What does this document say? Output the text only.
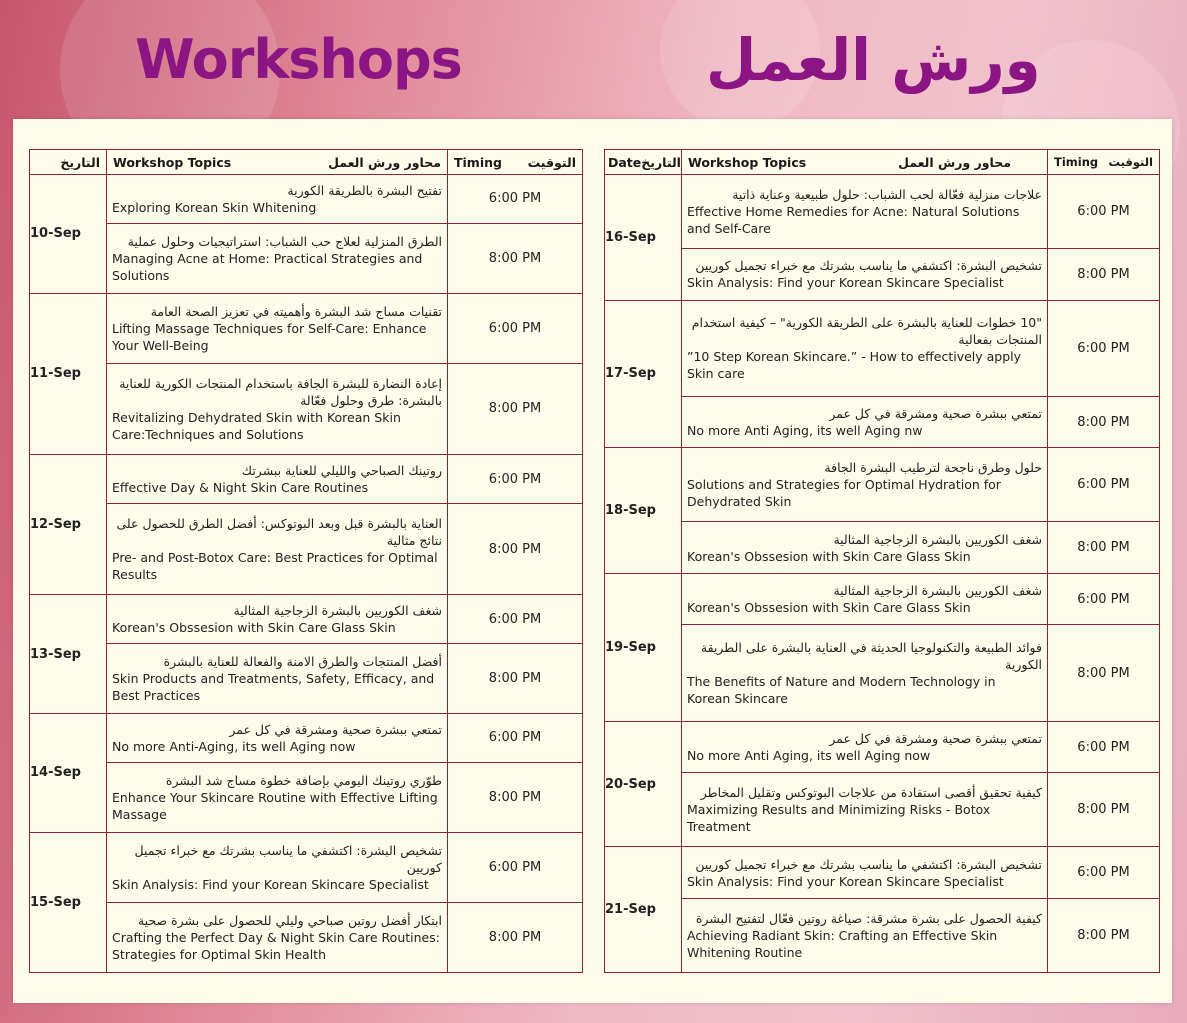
Workshops	ورش العمل
التاريخ	Workshop Topics محاور ورش العمل	Timing التوقيت

10-Sep	تفتيح البشرة بالطريقة الكورية
Exploring Korean Skin Whitening	6:00 PM

	الطرق المنزلية لعلاج حب الشباب: استراتيجيات وحلول عملية
Managing Acne at Home: Practical Strategies and Solutions	8:00 PM
11-Sep	تقنيات مساج شد البشرة وأهميته في تعزيز الصحة العامة
Lifting Massage Techniques for Self-Care: Enhance Your Well-Being	6:00 PM

	إعادة النضارة للبشرة الجافة باستخدام المنتجات الكورية للعناية بالبشرة: طرق وحلول فعّالة
Revitalizing Dehydrated Skin with Korean Skin Care:Techniques and Solutions	8:00 PM
12-Sep	روتينك الصباحي والليلي للعناية ببشرتك
Effective Day & Night Skin Care Routines	6:00 PM

	العناية بالبشرة قبل وبعد البوتوكس: أفضل الطرق للحصول على نتائج مثالية
Pre- and Post-Botox Care: Best Practices for Optimal Results	8:00 PM
13-Sep	شغف الكوريين بالبشرة الزجاجية المثالية
Korean's Obssesion with Skin Care Glass Skin	6:00 PM

	أفضل المنتجات والطرق الامنة والفعالة للعناية بالبشرة
Skin Products and Treatments, Safety, Efficacy, and Best Practices	8:00 PM
14-Sep	تمتعي ببشرة صحية ومشرقة في كل عمر
No more Anti-Aging, its well Aging now	6:00 PM

	طوّري روتينك اليومي بإضافة خطوة مساج شد البشرة
Enhance Your Skincare Routine with Effective Lifting Massage	8:00 PM
15-Sep	تشخيص البشرة: اكتشفي ما يناسب بشرتك مع خبراء تجميل كوريين
Skin Analysis: Find your Korean Skincare Specialist	6:00 PM

	ابتكار أفضل روتين صباحي وليلي للحصول على بشرة صحية
Crafting the Perfect Day & Night Skin Care Routines: Strategies for Optimal Skin Health	8:00 PM
Date التاريخ	Workshop Topics محاور ورش العمل	Timing التوقيت

16-Sep	علاجات منزلية فعّالة لحب الشباب: حلول طبيعية وعناية ذاتية
Effective Home Remedies for Acne: Natural Solutions and Self-Care	6:00 PM

	تشخيص البشرة: اكتشفي ما يناسب بشرتك مع خبراء تجميل كوريين
Skin Analysis: Find your Korean Skincare Specialist	8:00 PM
17-Sep	"10 خطوات للعناية بالبشرة على الطريقة الكورية" – كيفية استخدام المنتجات بفعالية
”10 Step Korean Skincare.” - How to effectively apply Skin care	6:00 PM

	تمتعي ببشرة صحية ومشرقة في كل عمر
No more Anti Aging, its well Aging nw	8:00 PM
18-Sep	حلول وطرق ناجحة لترطيب البشرة الجافة
Solutions and Strategies for Optimal Hydration for Dehydrated Skin	6:00 PM

	شغف الكوريين بالبشرة الزجاجية المثالية
Korean's Obssesion with Skin Care Glass Skin	8:00 PM
19-Sep	شغف الكوريين بالبشرة الزجاجية المثالية
Korean's Obssesion with Skin Care Glass Skin	6:00 PM

	فوائد الطبيعة والتكنولوجيا الحديثة في العناية بالبشرة على الطريقة الكورية
The Benefits of Nature and Modern Technology in Korean Skincare	8:00 PM
20-Sep	تمتعي ببشرة صحية ومشرقة في كل عمر
No more Anti Aging, its well Aging now	6:00 PM

	كيفية تحقيق أقصى استفادة من علاجات البوتوكس وتقليل المخاطر
Maximizing Results and Minimizing Risks - Botox Treatment	8:00 PM
21-Sep	تشخيص البشرة: اكتشفي ما يناسب بشرتك مع خبراء تجميل كوريين
Skin Analysis: Find your Korean Skincare Specialist	6:00 PM

	كيفية الحصول على بشرة مشرقة: صياغة روتين فعّال لتفتيح البشرة
Achieving Radiant Skin: Crafting an Effective Skin Whitening Routine	8:00 PM
